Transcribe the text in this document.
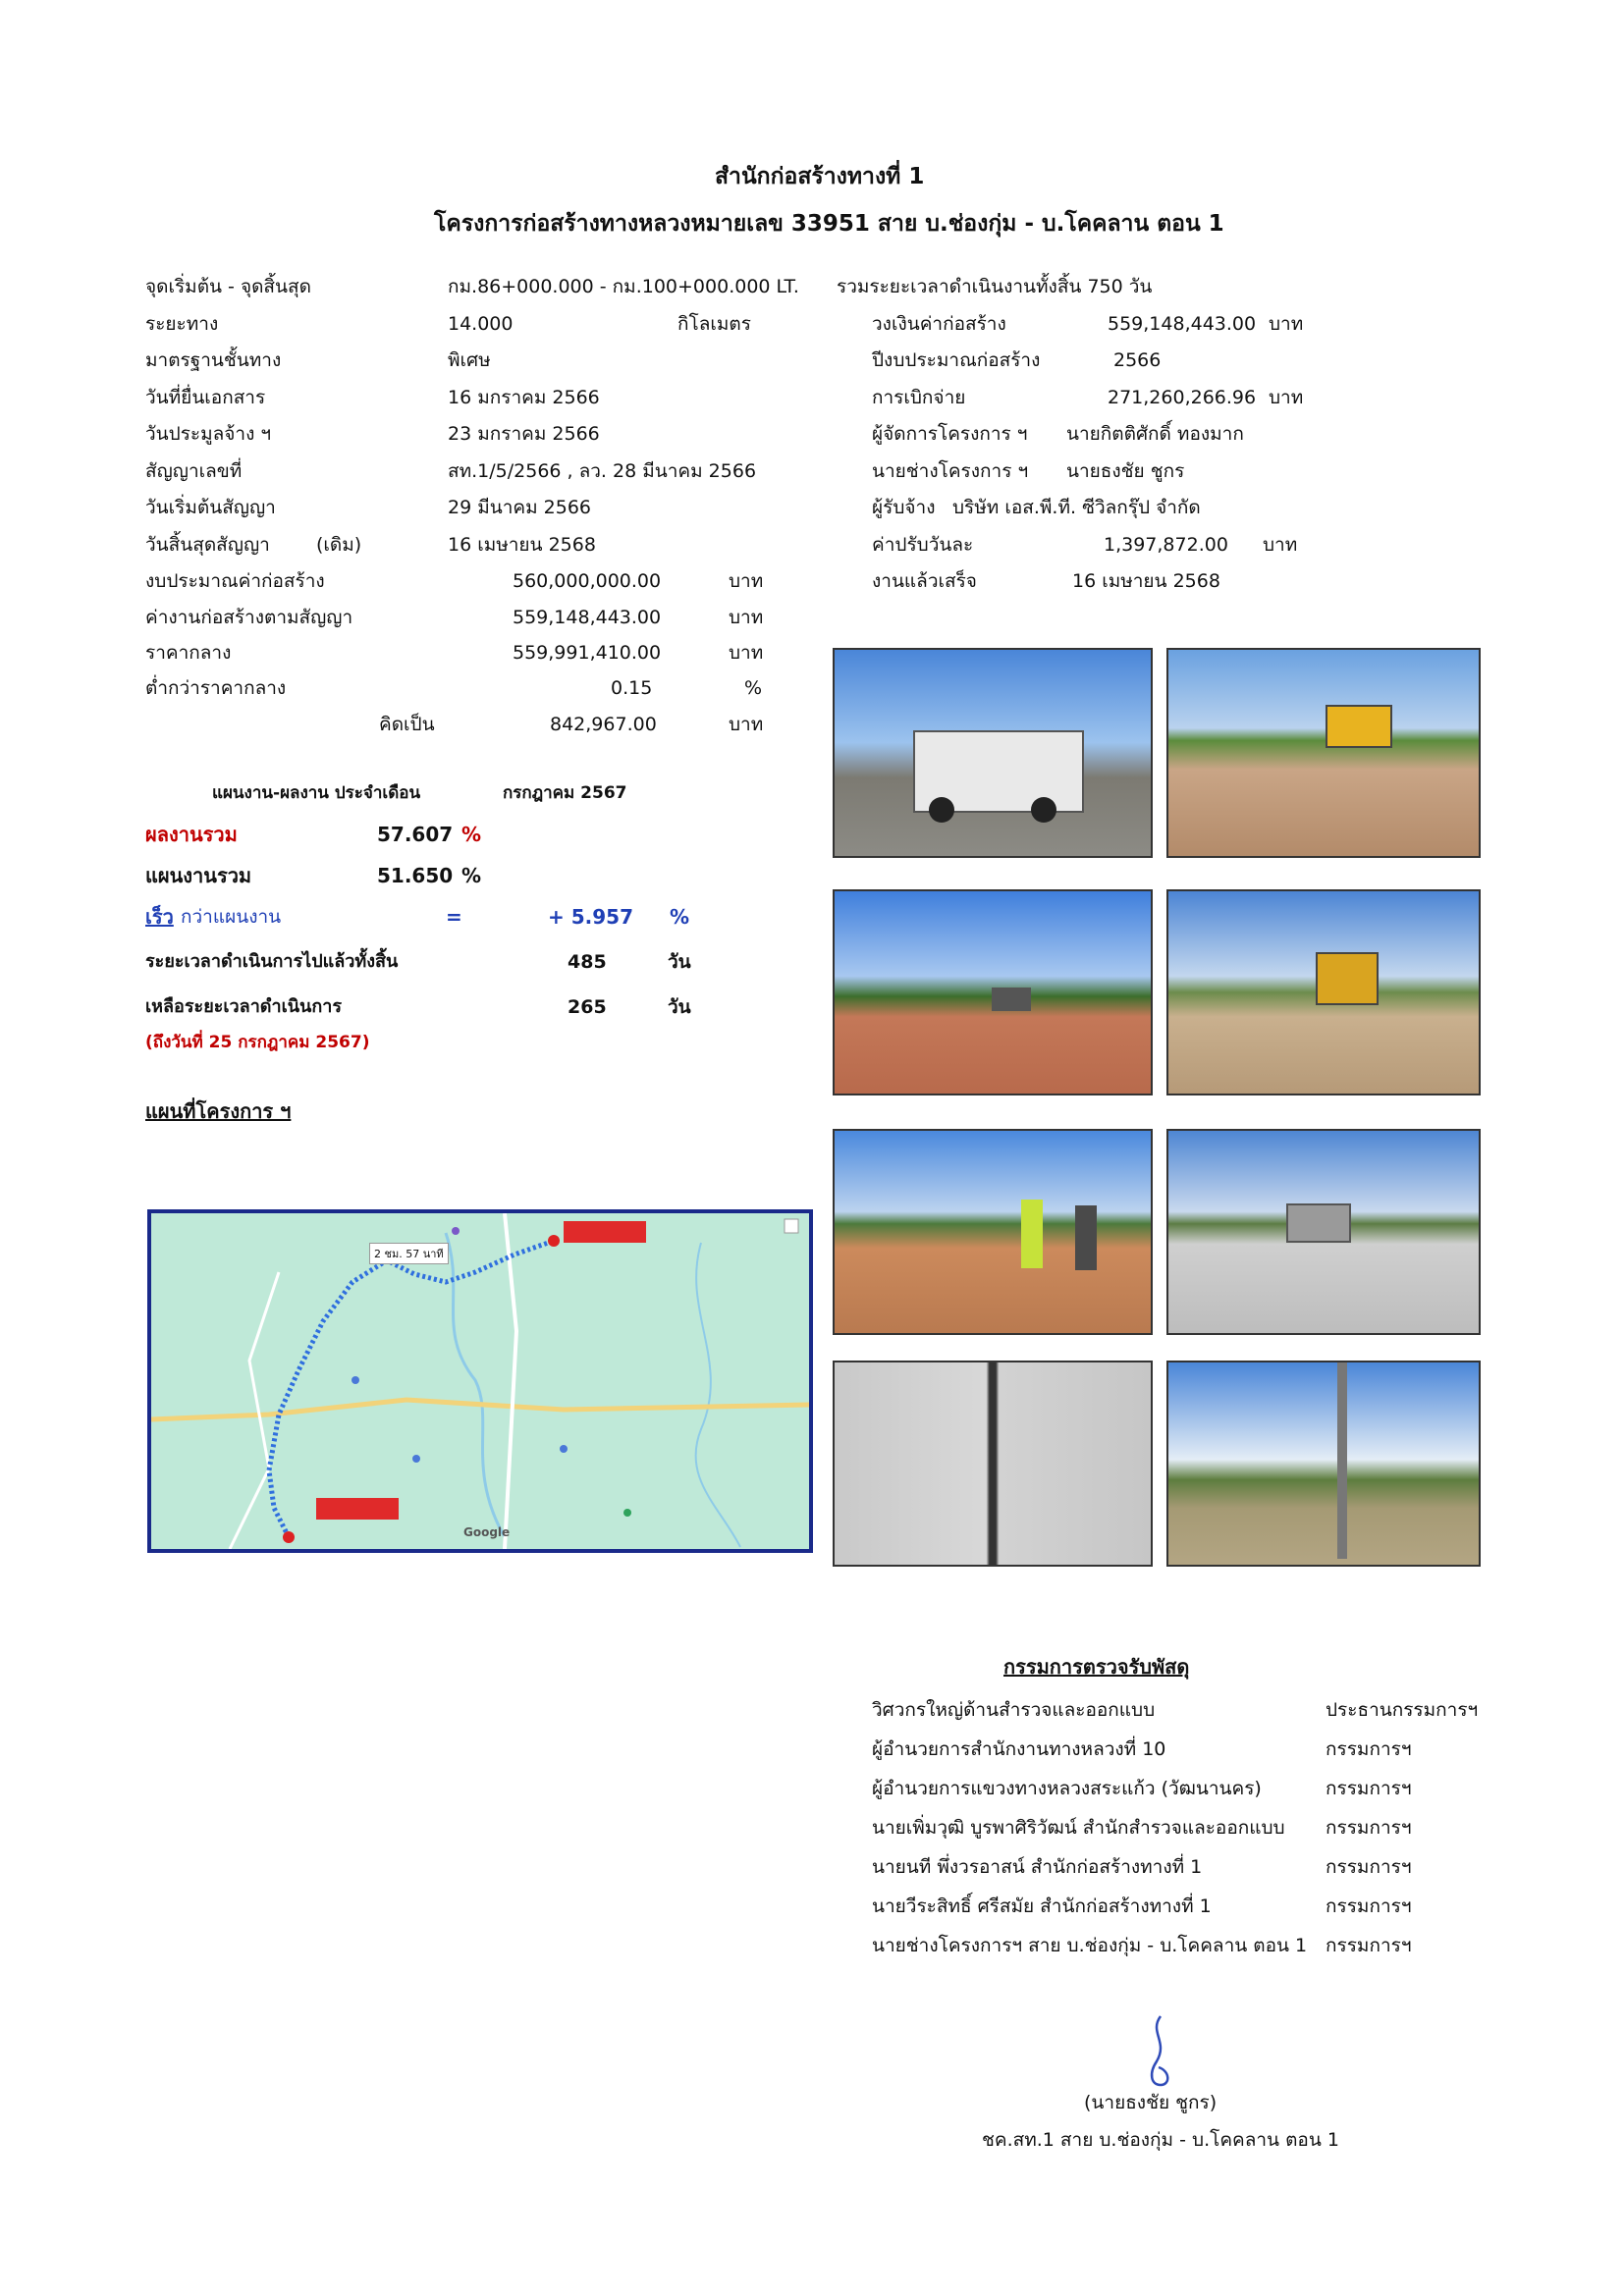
สำนักก่อสร้างทางที่ 1
โครงการก่อสร้างทางหลวงหมายเลข 33951 สาย บ.ช่องกุ่ม - บ.โคคลาน ตอน 1
จุดเริ่มต้น - จุดสิ้นสุด	กม.86+000.000 - กม.100+000.000 LT.
ระยะทาง	14.000	กิโลเมตร
มาตรฐานชั้นทาง	พิเศษ
วันที่ยื่นเอกสาร	16 มกราคม 2566
วันประมูลจ้าง ฯ	23 มกราคม 2566
สัญญาเลขที่	สท.1/5/2566 , ลว. 28 มีนาคม 2566
วันเริ่มต้นสัญญา	29 มีนาคม 2566
วันสิ้นสุดสัญญา (เดิม)	16 เมษายน 2568
งบประมาณค่าก่อสร้าง	560,000,000.00	บาท
ค่างานก่อสร้างตามสัญญา	559,148,443.00	บาท
ราคากลาง	559,991,410.00	บาท
ต่ำกว่าราคากลาง	0.15	%
คิดเป็น	842,967.00	บาท
รวมระยะเวลาดำเนินงานทั้งสิ้น 750 วัน
วงเงินค่าก่อสร้าง	559,148,443.00 บาท
ปีงบประมาณก่อสร้าง	2566
การเบิกจ่าย	271,260,266.96 บาท
ผู้จัดการโครงการ ฯ นายกิตติศักดิ์ ทองมาก
นายช่างโครงการ ฯ นายธงชัย ชูกร
ผู้รับจ้าง บริษัท เอส.พี.ที. ซีวิลกรุ๊ป จำกัด
ค่าปรับวันละ	1,397,872.00 บาท
งานแล้วเสร็จ	16 เมษายน 2568
แผนงาน-ผลงาน ประจำเดือน	กรกฎาคม 2567
ผลงานรวม	57.607 %
แผนงานรวม	51.650 %
เร็ว กว่าแผนงาน	=	+ 5.957 %
ระยะเวลาดำเนินการไปแล้วทั้งสิ้น	485	วัน
เหลือระยะเวลาดำเนินการ	265	วัน
(ถึงวันที่ 25 กรกฎาคม 2567)
แผนที่โครงการ ฯ
2 ชม. 57 นาที
Google
กรรมการตรวจรับพัสดุ
วิศวกรใหญ่ด้านสำรวจและออกแบบ	ประธานกรรมการฯ
ผู้อำนวยการสำนักงานทางหลวงที่ 10	กรรมการฯ
ผู้อำนวยการแขวงทางหลวงสระแก้ว (วัฒนานคร)	กรรมการฯ
นายเพิ่มวุฒิ บูรพาศิริวัฒน์ สำนักสำรวจและออกแบบ กรรมการฯ
นายนที พึ่งวรอาสน์ สำนักก่อสร้างทางที่ 1	กรรมการฯ
นายวีระสิทธิ์ ศรีสมัย สำนักก่อสร้างทางที่ 1	กรรมการฯ
นายช่างโครงการฯ สาย บ.ช่องกุ่ม - บ.โคคลาน ตอน 1 กรรมการฯ
(นายธงชัย ชูกร)
ชค.สท.1 สาย บ.ช่องกุ่ม - บ.โคคลาน ตอน 1
